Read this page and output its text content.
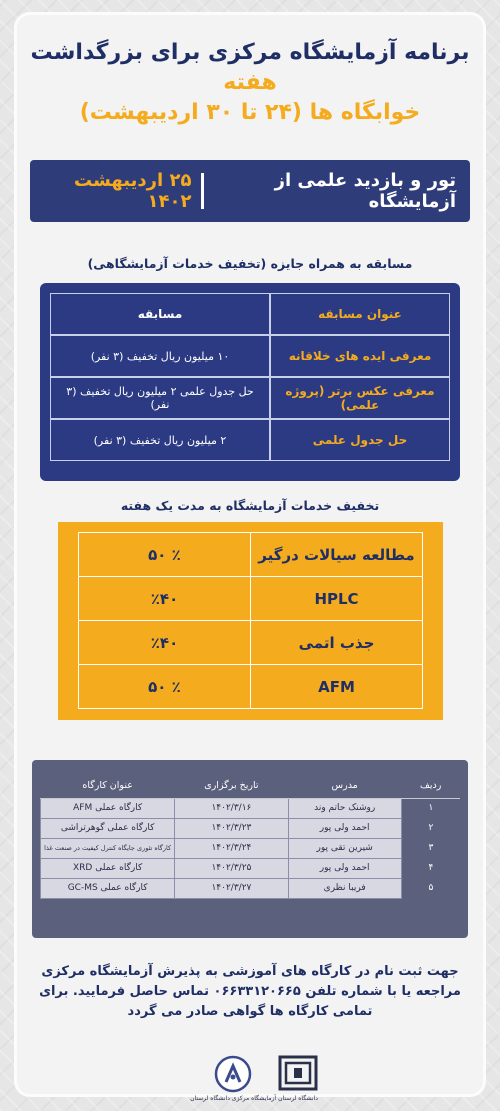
برنامه آزمایشگاه مرکزی برای بزرگداشت هفته
خوابگاه ها (۲۴ تا ۳۰ اردیبهشت)
تور و بازدید علمی از آزمایشگاه
۲۵ اردیبهشت ۱۴۰۲
مسابقه به همراه جایزه (تخفیف خدمات آزمایشگاهی)
عنوان مسابقه	مسابقه
معرفی ایده های خلاقانه	۱۰ میلیون ریال تخفیف (۳ نفر)
معرفی عکس برتر (پروژه علمی)	حل جدول علمی ۲ میلیون ریال تخفیف (۳ نفر)
حل جدول علمی	۲ میلیون ریال تخفیف (۳ نفر)
تخفیف خدمات آزمایشگاه به مدت یک هفته
مطالعه سیالات درگیر	٪ ۵۰
HPLC	٪۴۰
جذب اتمی	٪۴۰
AFM	٪ ۵۰
ردیف	مدرس	تاریخ برگزاری	عنوان کارگاه
۱	روشنک حاتم وند	۱۴۰۲/۳/۱۶	کارگاه عملی AFM
۲	احمد ولی پور	۱۴۰۲/۳/۲۳	کارگاه عملی گوهرتراشی
۳	شیرین تقی پور	۱۴۰۲/۳/۲۴	کارگاه تئوری جایگاه کنترل کیفیت در صنعت غذا
۴	احمد ولی پور	۱۴۰۲/۳/۲۵	کارگاه عملی XRD
۵	فریبا نظری	۱۴۰۲/۳/۲۷	کارگاه عملی GC-MS
جهت ثبت نام در کارگاه های آموزشی به پذیرش آزمایشگاه مرکزی مراجعه یا با شماره تلفن ۰۶۶۳۳۱۲۰۶۶۵ تماس حاصل فرمایید. برای تمامی کارگاه ها گواهی صادر می گردد
دانشگاه لرستان
آزمایشگاه مرکزی دانشگاه لرستان
